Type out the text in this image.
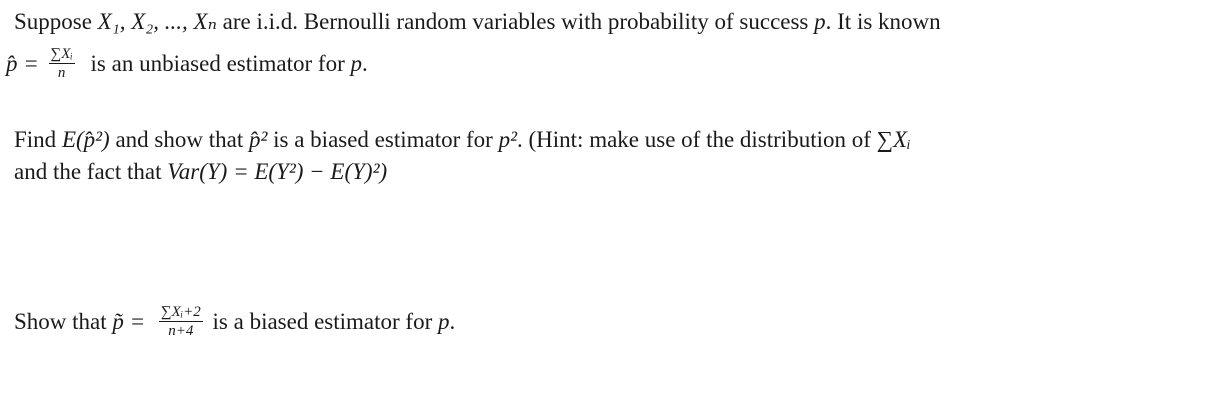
Suppose X₁, X₂, ..., Xₙ are i.i.d. Bernoulli random variables with probability of success p. It is known
p̂ = $\frac{\text{∑Xᵢ}}{n}$ is an unbiased estimator for p.
Find E(p̂²) and show that p̂² is a biased estimator for p². (Hint: make use of the distribution of ∑Xᵢ
and the fact that Var(Y) = E(Y²) − E(Y)²)
Show that p̃ = $\frac{\text{∑Xᵢ+2}}{n+4}$ is a biased estimator for p.
